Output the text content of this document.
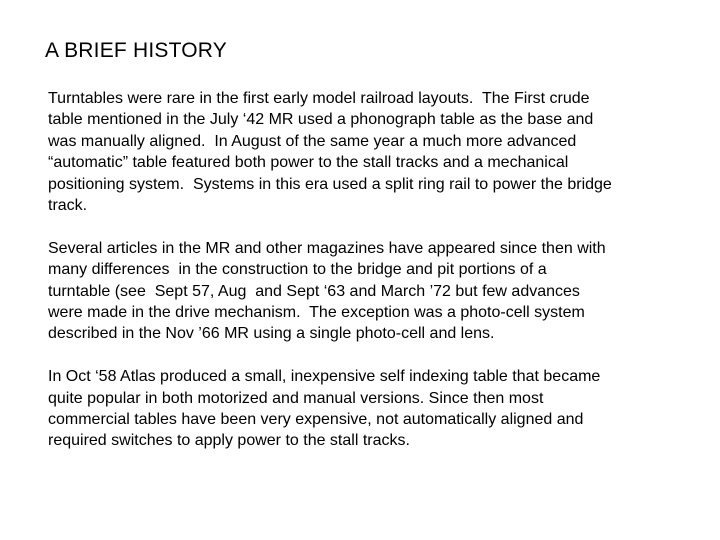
A BRIEF HISTORY

Turntables were rare in the first early model railroad layouts.  The First crude
table mentioned in the July ‘42 MR used a phonograph table as the base and
was manually aligned.  In August of the same year a much more advanced
“automatic” table featured both power to the stall tracks and a mechanical
positioning system.  Systems in this era used a split ring rail to power the bridge
track.

Several articles in the MR and other magazines have appeared since then with
many differences  in the construction to the bridge and pit portions of a
turntable (see  Sept 57, Aug  and Sept ‘63 and March ’72 but few advances
were made in the drive mechanism.  The exception was a photo-cell system
described in the Nov ’66 MR using a single photo-cell and lens.

In Oct ‘58 Atlas produced a small, inexpensive self indexing table that became
quite popular in both motorized and manual versions. Since then most
commercial tables have been very expensive, not automatically aligned and
required switches to apply power to the stall tracks.
